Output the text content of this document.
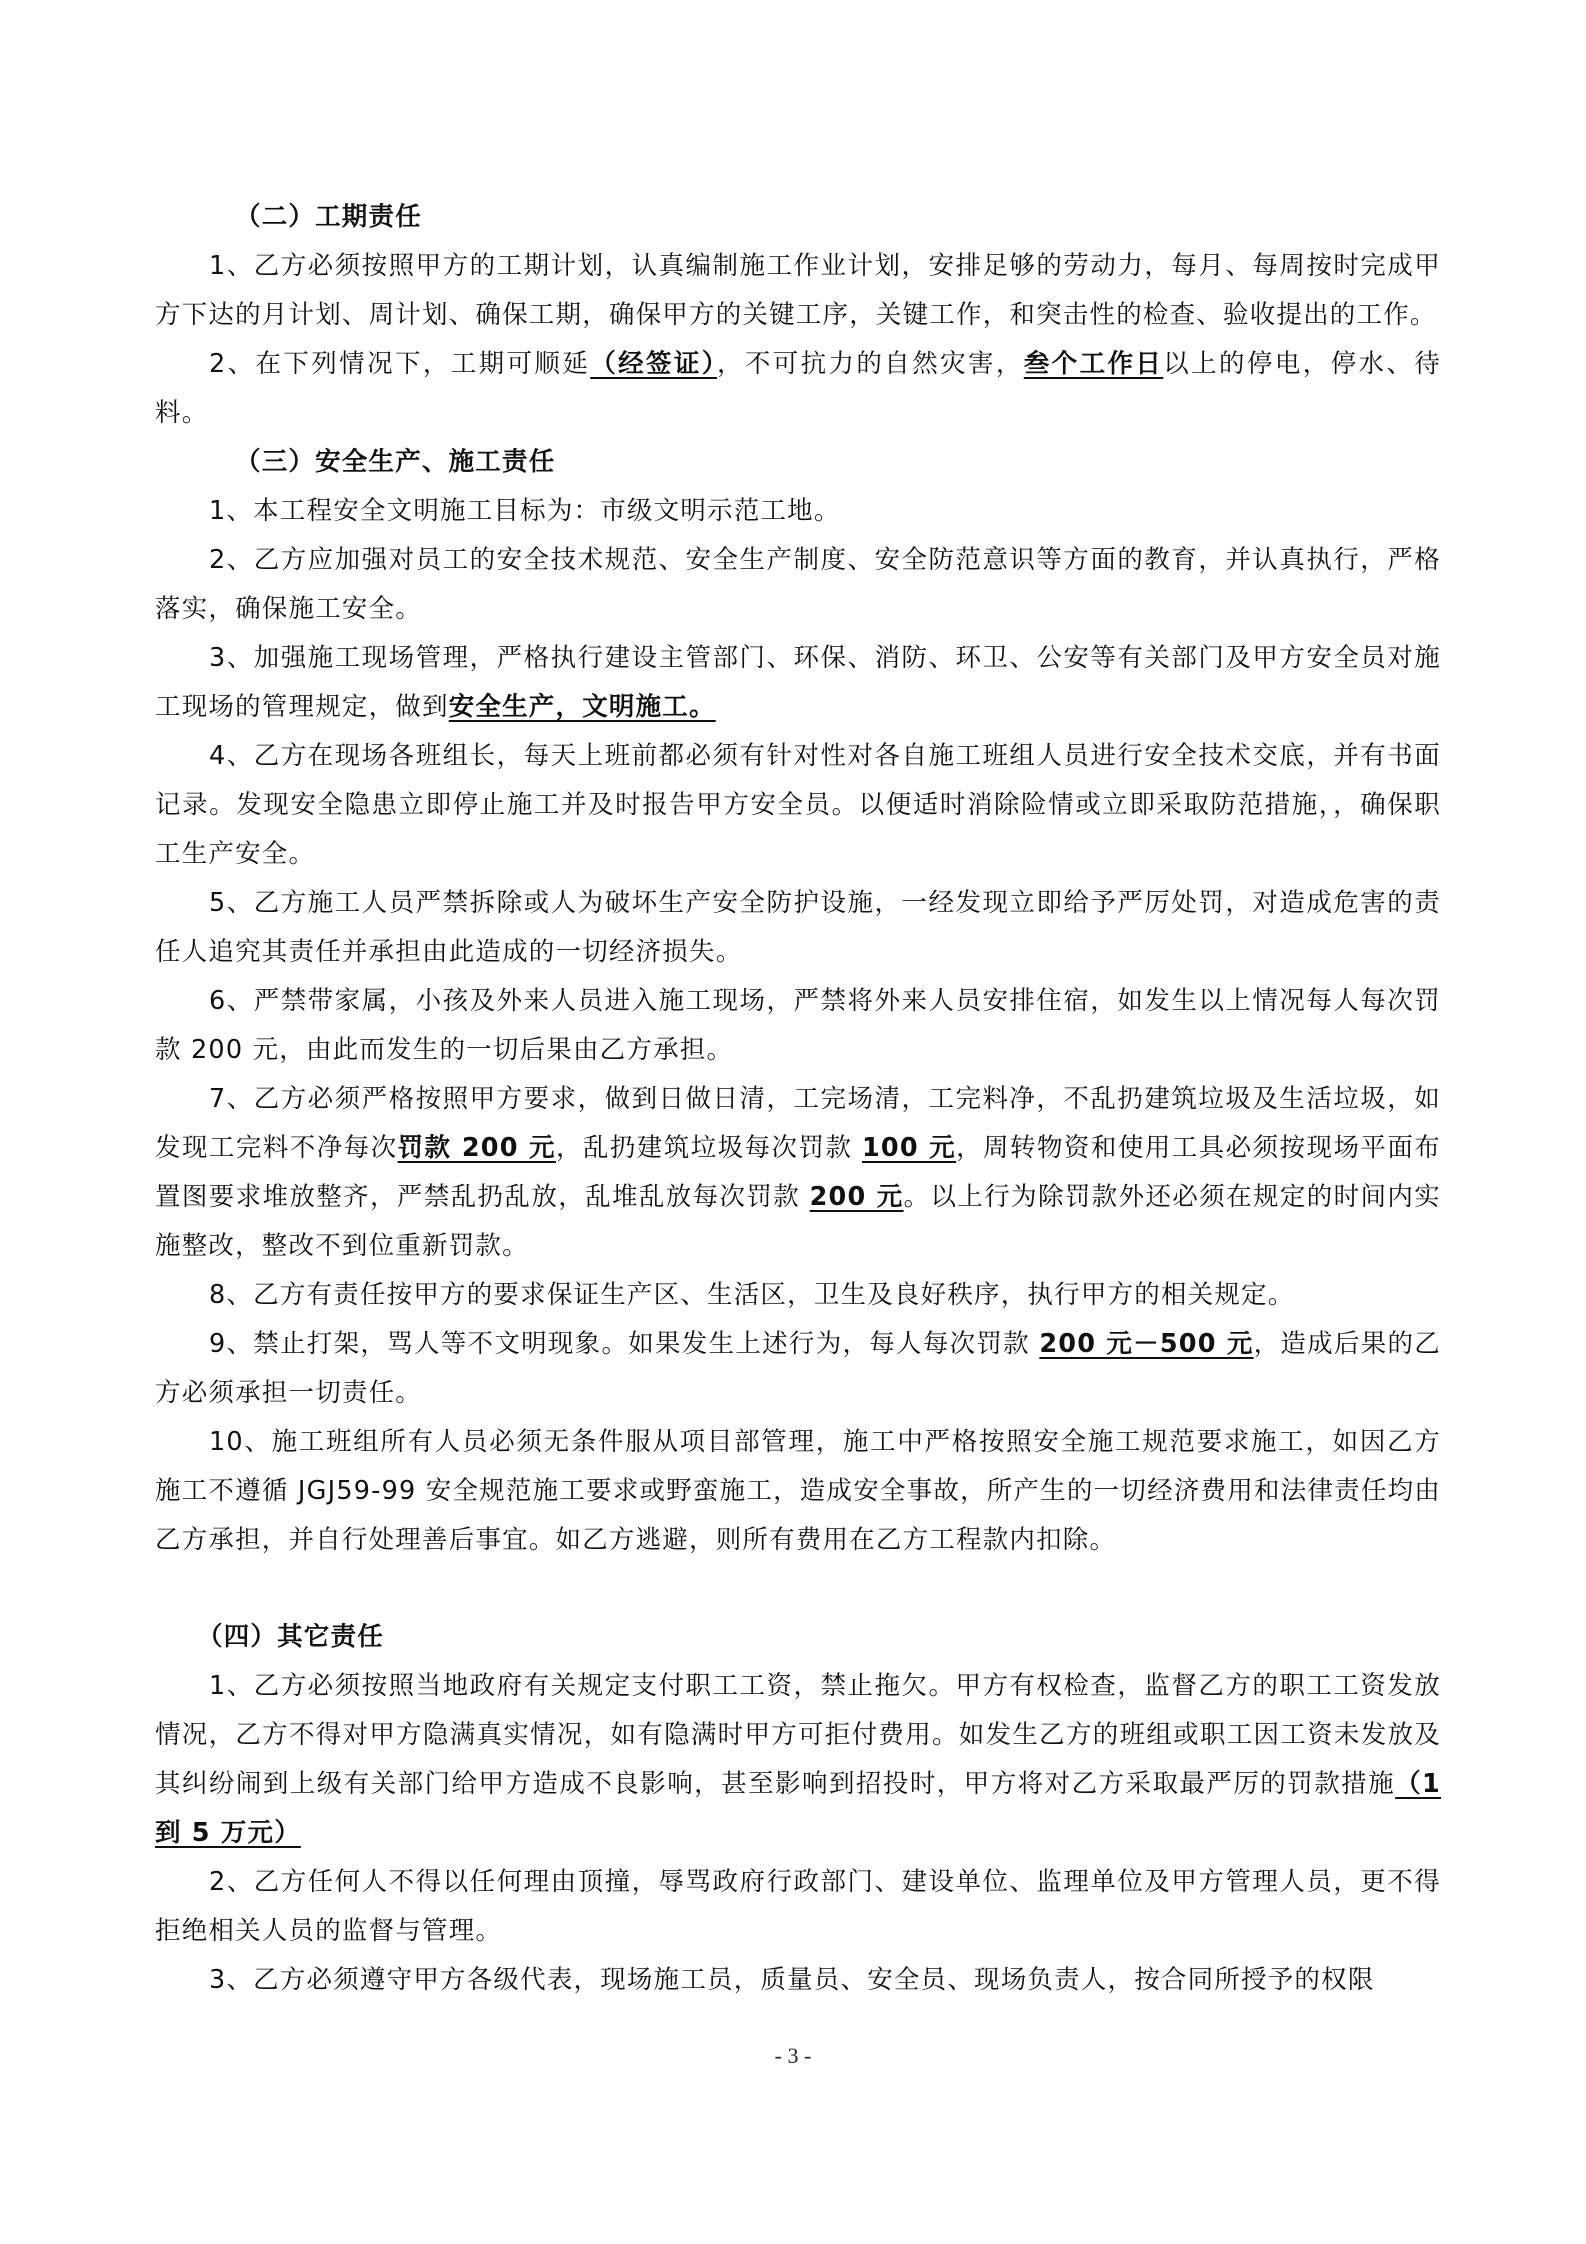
（二）工期责任

1、乙方必须按照甲方的工期计划，认真编制施工作业计划，安排足够的劳动力，每月、每周按时完成甲方下达的月计划、周计划、确保工期，确保甲方的关键工序，关键工作，和突击性的检查、验收提出的工作。

2、在下列情况下，工期可顺延（经签证），不可抗力的自然灾害，叁个工作日以上的停电，停水、待料。

（三）安全生产、施工责任

1、本工程安全文明施工目标为：市级文明示范工地。

2、乙方应加强对员工的安全技术规范、安全生产制度、安全防范意识等方面的教育，并认真执行，严格落实，确保施工安全。

3、加强施工现场管理，严格执行建设主管部门、环保、消防、环卫、公安等有关部门及甲方安全员对施工现场的管理规定，做到安全生产，文明施工。

4、乙方在现场各班组长，每天上班前都必须有针对性对各自施工班组人员进行安全技术交底，并有书面记录。发现安全隐患立即停止施工并及时报告甲方安全员。以便适时消除险情或立即采取防范措施，，确保职工生产安全。

5、乙方施工人员严禁拆除或人为破坏生产安全防护设施，一经发现立即给予严厉处罚，对造成危害的责任人追究其责任并承担由此造成的一切经济损失。

6、严禁带家属，小孩及外来人员进入施工现场，严禁将外来人员安排住宿，如发生以上情况每人每次罚款 200 元，由此而发生的一切后果由乙方承担。

7、乙方必须严格按照甲方要求，做到日做日清，工完场清，工完料净，不乱扔建筑垃圾及生活垃圾，如发现工完料不净每次罚款 200 元，乱扔建筑垃圾每次罚款 100 元，周转物资和使用工具必须按现场平面布置图要求堆放整齐，严禁乱扔乱放，乱堆乱放每次罚款 200 元。以上行为除罚款外还必须在规定的时间内实施整改，整改不到位重新罚款。

8、乙方有责任按甲方的要求保证生产区、生活区，卫生及良好秩序，执行甲方的相关规定。

9、禁止打架，骂人等不文明现象。如果发生上述行为，每人每次罚款 200 元－500 元，造成后果的乙方必须承担一切责任。

10、施工班组所有人员必须无条件服从项目部管理，施工中严格按照安全施工规范要求施工，如因乙方施工不遵循 JGJ59-99 安全规范施工要求或野蛮施工，造成安全事故，所产生的一切经济费用和法律责任均由乙方承担，并自行处理善后事宜。如乙方逃避，则所有费用在乙方工程款内扣除。

（四）其它责任

1、乙方必须按照当地政府有关规定支付职工工资，禁止拖欠。甲方有权检查，监督乙方的职工工资发放情况，乙方不得对甲方隐满真实情况，如有隐满时甲方可拒付费用。如发生乙方的班组或职工因工资未发放及其纠纷闹到上级有关部门给甲方造成不良影响，甚至影响到招投时，甲方将对乙方采取最严厉的罚款措施（1 到 5 万元）

2、乙方任何人不得以任何理由顶撞，辱骂政府行政部门、建设单位、监理单位及甲方管理人员，更不得拒绝相关人员的监督与管理。

3、乙方必须遵守甲方各级代表，现场施工员，质量员、安全员、现场负责人，按合同所授予的权限

- 3 -
